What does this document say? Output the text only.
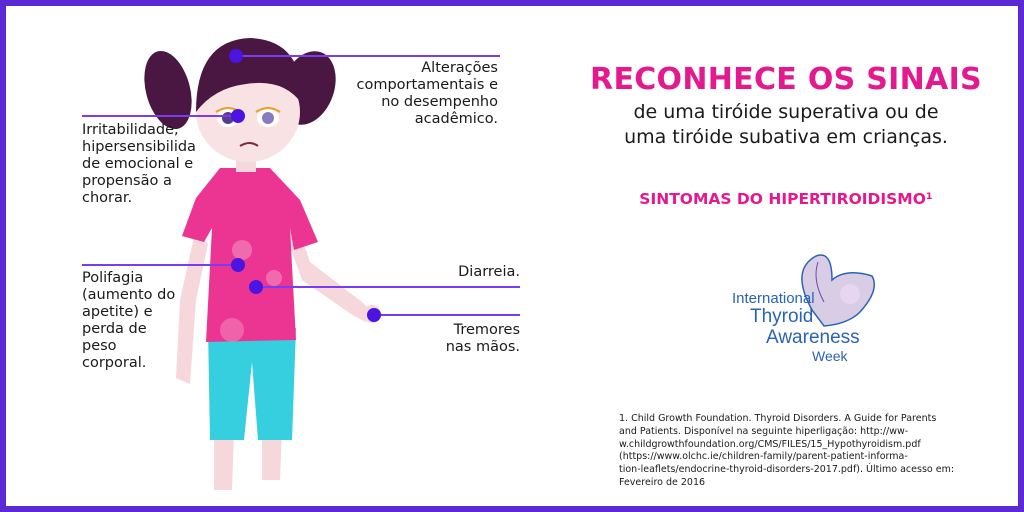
Alterações
comportamentais e
no desempenho
acadêmico.
Irritabilidade,
hipersensibilida
de emocional e
propensão a
chorar.
Polifagia
(aumento do
apetite) e
perda de
peso
corporal.
Diarreia.
Tremores
nas mãos.
RECONHECE OS SINAIS
de uma tiróide superativa ou de
uma tiróide subativa em crianças.
SINTOMAS DO HIPERTIROIDISMO¹
International
Thyroid
Awareness
Week
1. Child Growth Foundation. Thyroid Disorders. A Guide for Parents
and Patients. Disponível na seguinte hiperligação: http://ww-
w.childgrowthfoundation.org/CMS/FILES/15_Hypothyroidism.pdf
(https://www.olchc.ie/children-family/parent-patient-informa-
tion-leaflets/endocrine-thyroid-disorders-2017.pdf). Último acesso em:
Fevereiro de 2016
